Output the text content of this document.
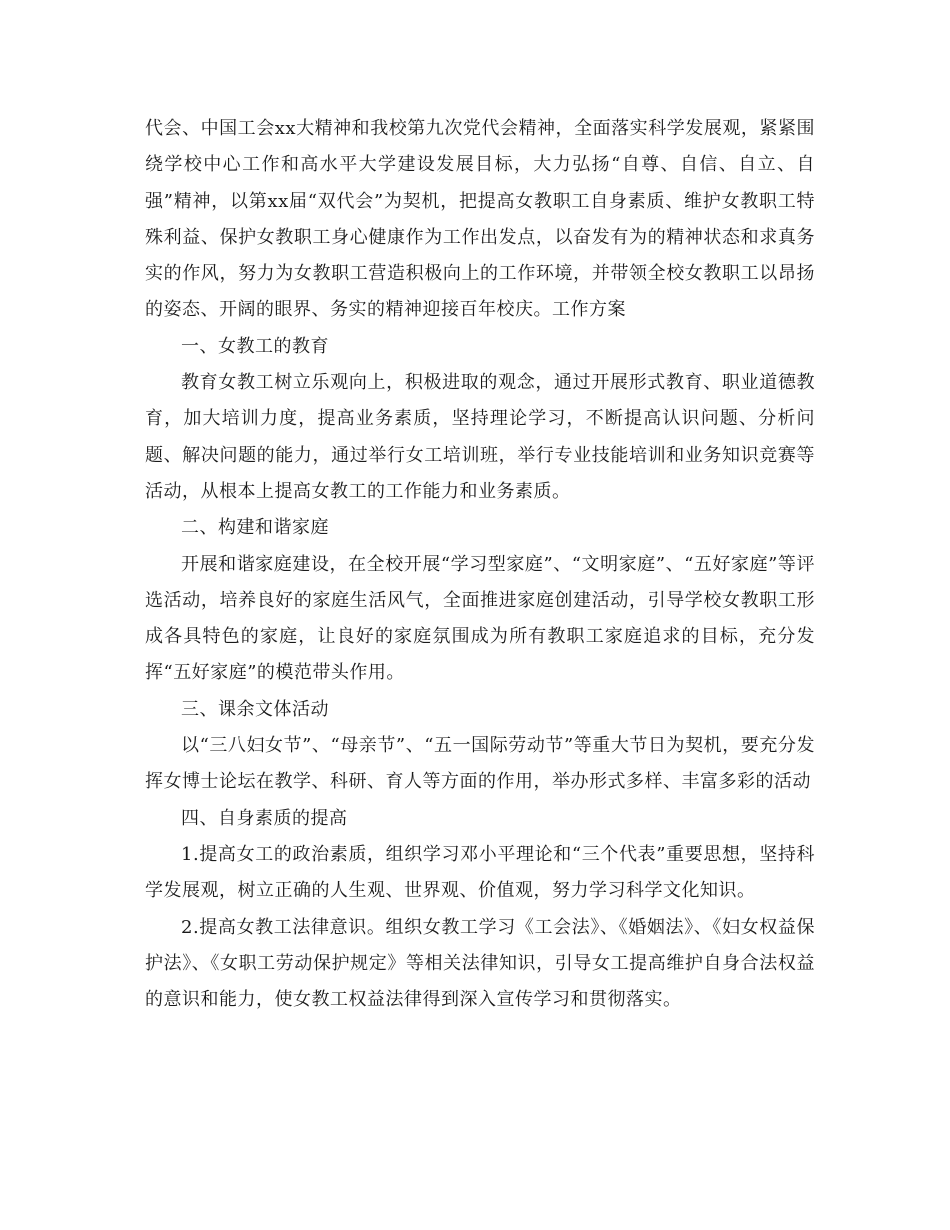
代会、中国工会xx大精神和我校第九次党代会精神，全面落实科学发展观，紧紧围绕学校中心工作和高水平大学建设发展目标，大力弘扬“自尊、自信、自立、自强”精神，以第xx届“双代会”为契机，把提高女教职工自身素质、维护女教职工特殊利益、保护女教职工身心健康作为工作出发点，以奋发有为的精神状态和求真务实的作风，努力为女教职工营造积极向上的工作环境，并带领全校女教职工以昂扬的姿态、开阔的眼界、务实的精神迎接百年校庆。工作方案

一、女教工的教育

教育女教工树立乐观向上，积极进取的观念，通过开展形式教育、职业道德教育，加大培训力度，提高业务素质，坚持理论学习，不断提高认识问题、分析问题、解决问题的能力，通过举行女工培训班，举行专业技能培训和业务知识竞赛等活动，从根本上提高女教工的工作能力和业务素质。

二、构建和谐家庭

开展和谐家庭建设，在全校开展“学习型家庭”、“文明家庭”、“五好家庭”等评选活动，培养良好的家庭生活风气，全面推进家庭创建活动，引导学校女教职工形成各具特色的家庭，让良好的家庭氛围成为所有教职工家庭追求的目标，充分发挥“五好家庭”的模范带头作用。

三、课余文体活动

以“三八妇女节”、“母亲节”、“五一国际劳动节”等重大节日为契机，要充分发挥女博士论坛在教学、科研、育人等方面的作用，举办形式多样、丰富多彩的活动

四、自身素质的提高

1.提高女工的政治素质，组织学习邓小平理论和“三个代表”重要思想，坚持科学发展观，树立正确的人生观、世界观、价值观，努力学习科学文化知识。

2.提高女教工法律意识。组织女教工学习《工会法》、《婚姻法》、《妇女权益保护法》、《女职工劳动保护规定》等相关法律知识，引导女工提高维护自身合法权益的意识和能力，使女教工权益法律得到深入宣传学习和贯彻落实。
